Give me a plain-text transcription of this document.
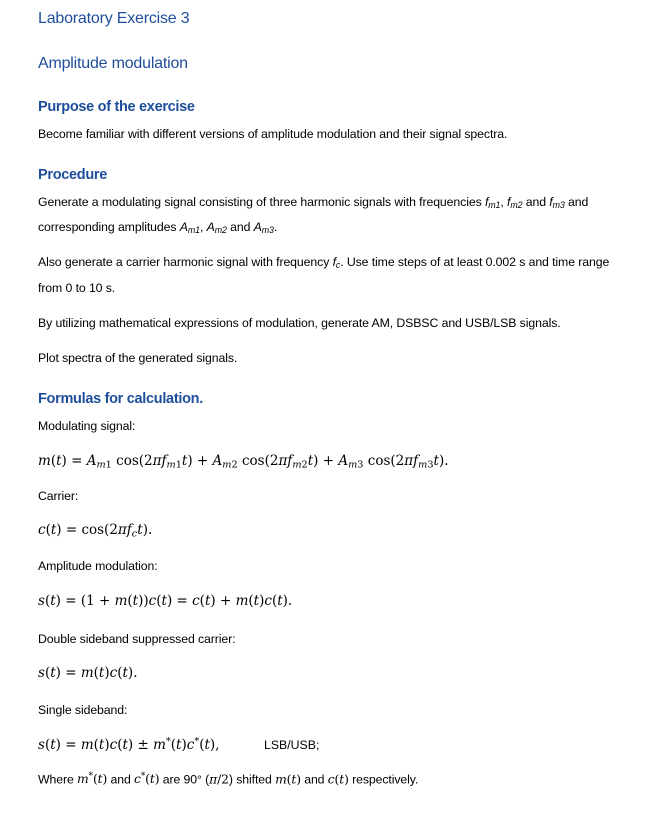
Laboratory Exercise 3
Amplitude modulation
Purpose of the exercise
Become familiar with different versions of amplitude modulation and their signal spectra.
Procedure
Generate a modulating signal consisting of three harmonic signals with frequencies $f_{m1}$, $f_{m2}$ and $f_{m3}$ and
corresponding amplitudes $A_{m1}$, $A_{m2}$ and $A_{m3}$.
Also generate a carrier harmonic signal with frequency $f_c$. Use time steps of at least 0.002 s and time range
from 0 to 10 s.
By utilizing mathematical expressions of modulation, generate AM, DSBSC and USB/LSB signals.
Plot spectra of the generated signals.
Formulas for calculation.
Modulating signal:
$m(t) = A_{m1}$ $\cos(2\pi f_{m1}t) + A_{m2}$ $\cos(2\pi f_{m2}t) + A_{m3}$ $\cos(2\pi f_{m3}t)$.
Carrier:
$c(t) = \cos(2\pi f_ct)$.
Amplitude modulation:
s(t) = (1 + m(t))c(t) = c(t) + m(t)c(t).
Double sideband suppressed carrier:
s(t) = m(t)c(t).
Single sideband:
s(t) = m(t)c(t) ± m*(t)c*(t),	LSB/USB;
Where m*(t) and c*(t) are 90° (π/2) shifted m(t) and c(t) respectively.
